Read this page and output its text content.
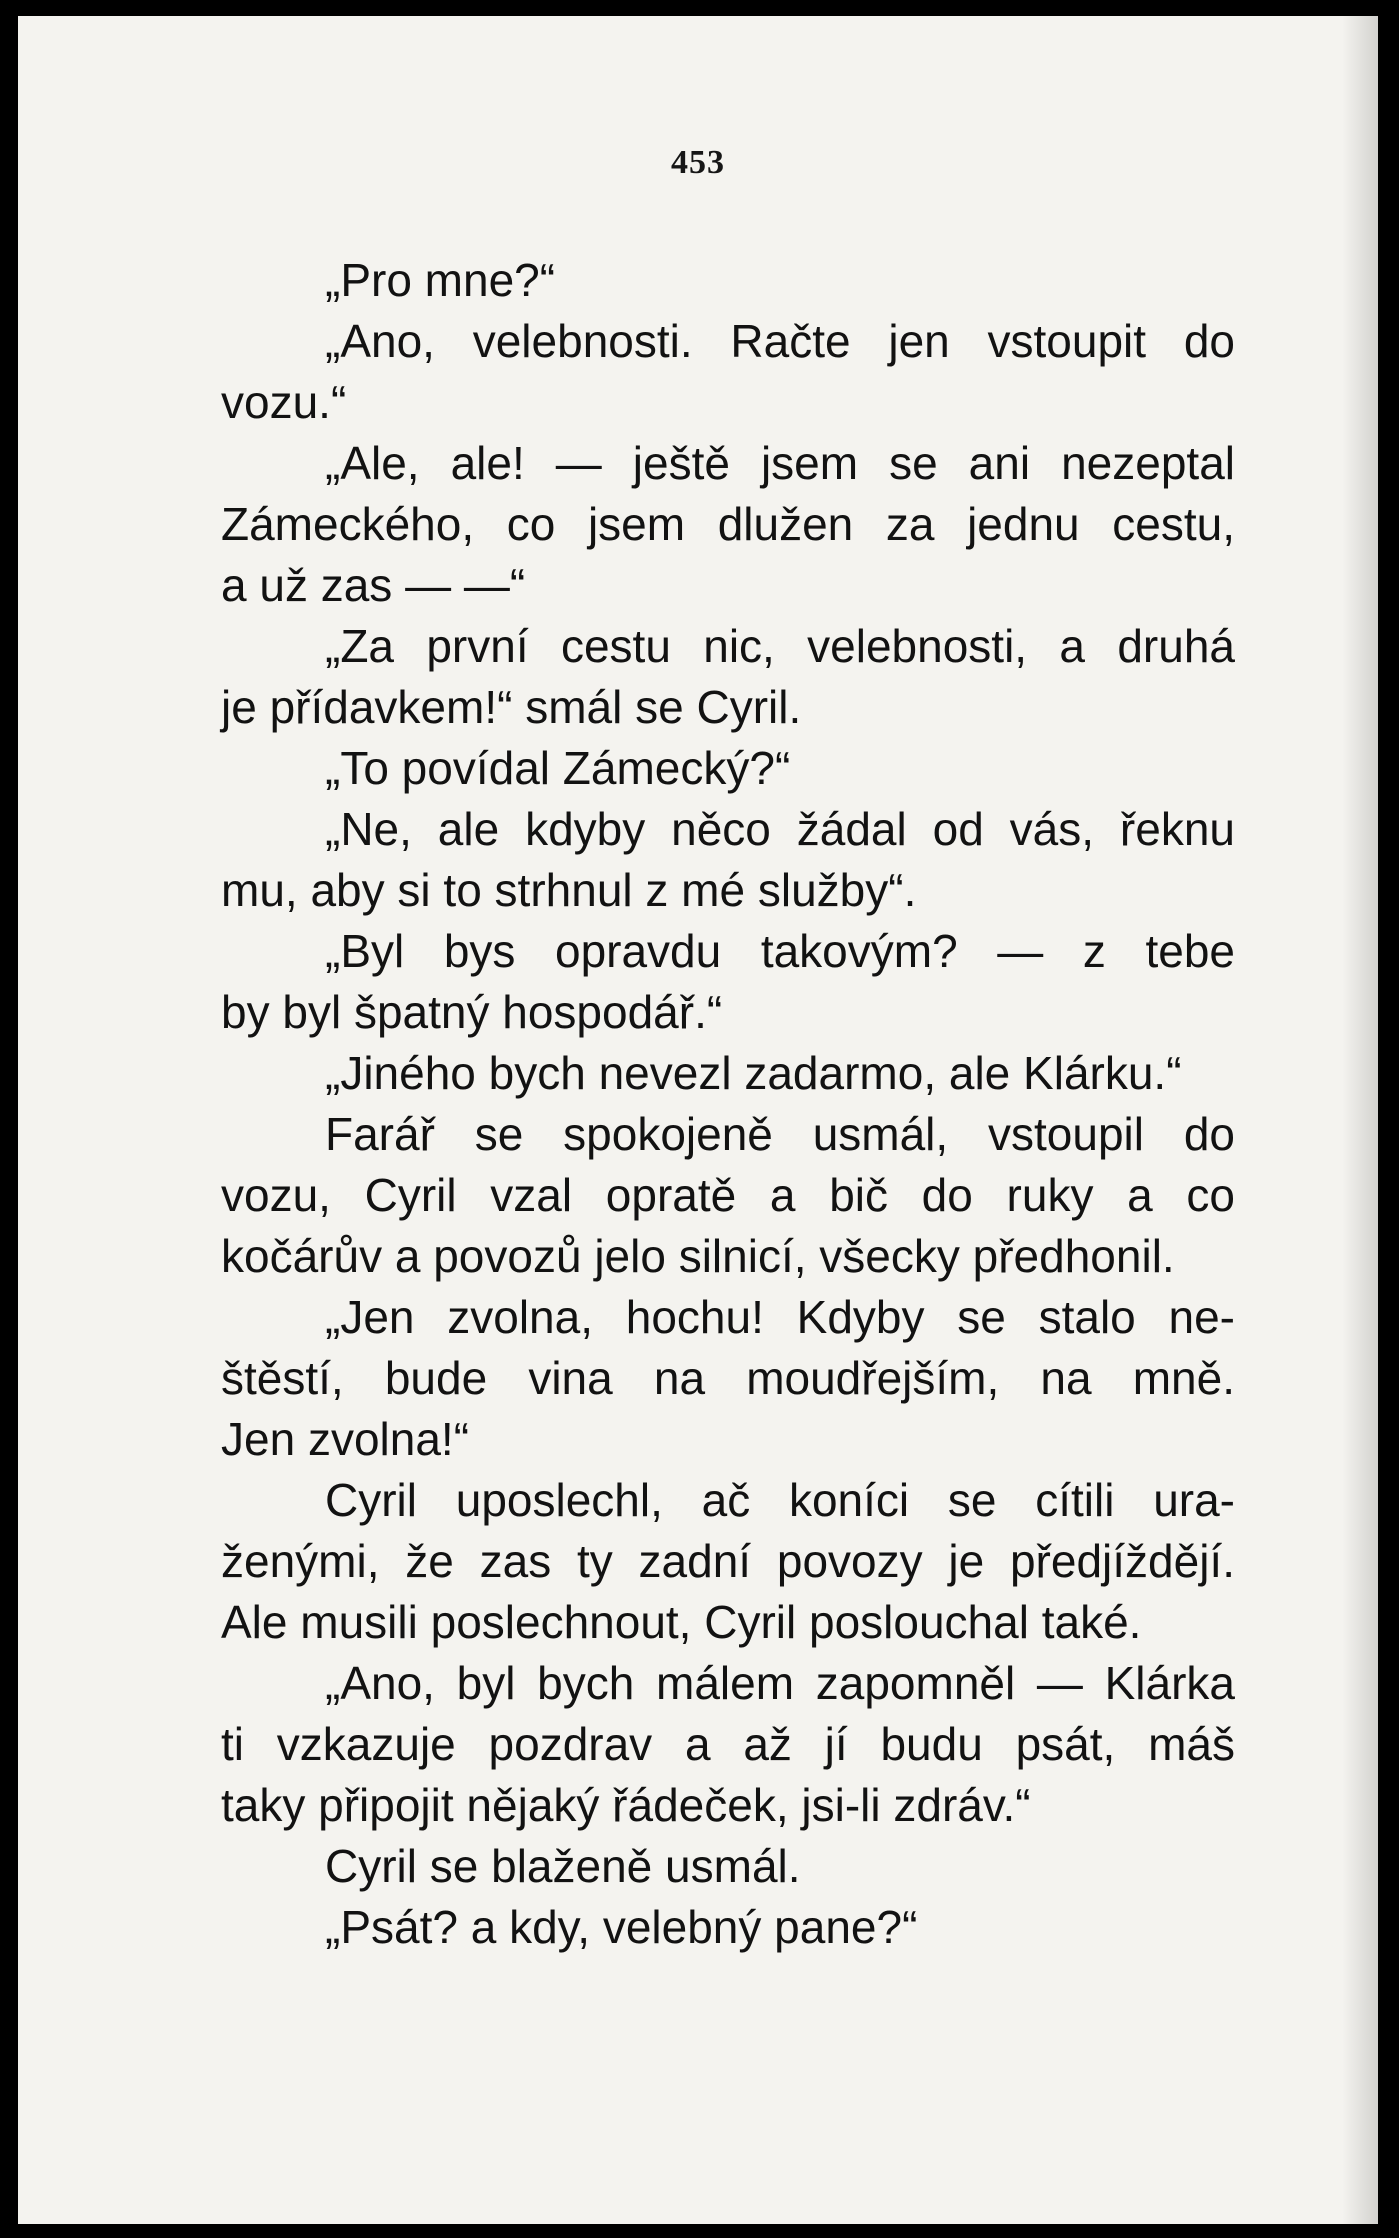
453
„Pro mne?“
„Ano, velebnosti. Račte jen vstoupit do
vozu.“
„Ale, ale! — ještě jsem se ani nezeptal
Zámeckého, co jsem dlužen za jednu cestu,
a už zas — —“
„Za první cestu nic, velebnosti, a druhá
je přídavkem!“ smál se Cyril.
„To povídal Zámecký?“
„Ne, ale kdyby něco žádal od vás, řeknu
mu, aby si to strhnul z mé služby“.
„Byl bys opravdu takovým? — z tebe
by byl špatný hospodář.“
„Jiného bych nevezl zadarmo, ale Klárku.“
Farář se spokojeně usmál, vstoupil do
vozu, Cyril vzal opratě a bič do ruky a co
kočárův a povozů jelo silnicí, všecky předhonil.
„Jen zvolna, hochu! Kdyby se stalo ne-
štěstí, bude vina na moudřejším, na mně.
Jen zvolna!“
Cyril uposlechl, ač koníci se cítili ura-
ženými, že zas ty zadní povozy je předjíždějí.
Ale musili poslechnout, Cyril poslouchal také.
„Ano, byl bych málem zapomněl — Klárka
ti vzkazuje pozdrav a až jí budu psát, máš
taky připojit nějaký řádeček, jsi-li zdráv.“
Cyril se blaženě usmál.
„Psát? a kdy, velebný pane?“
